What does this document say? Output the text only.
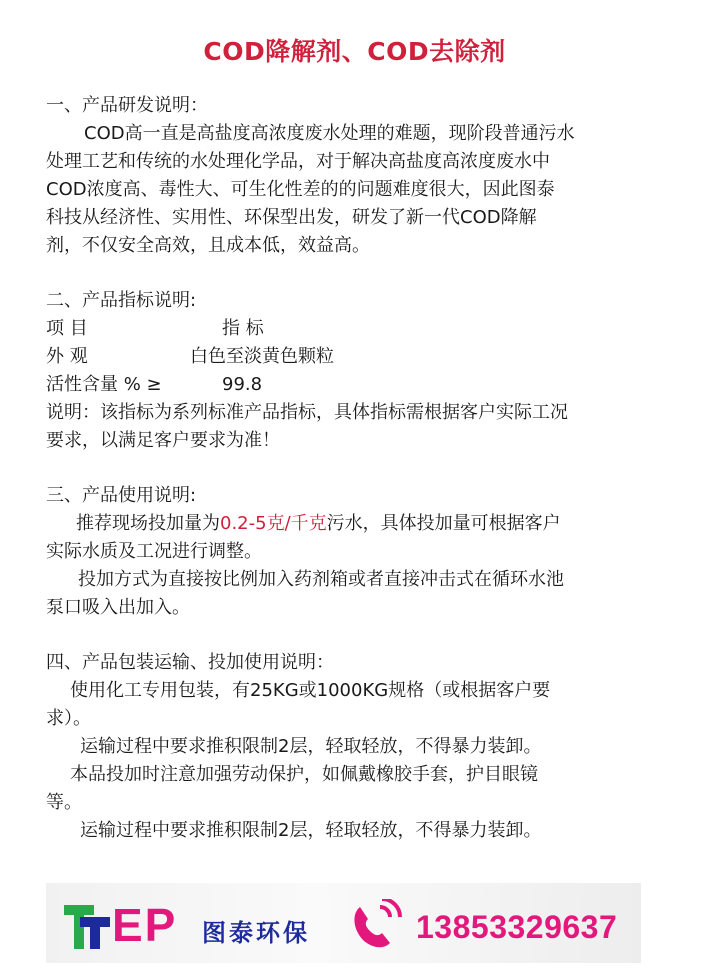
COD降解剂、COD去除剂
一、产品研发说明：
COD高一直是高盐度高浓度废水处理的难题，现阶段普通污水
处理工艺和传统的水处理化学品，对于解决高盐度高浓度废水中
COD浓度高、毒性大、可生化性差的的问题难度很大，因此图泰
科技从经济性、实用性、环保型出发，研发了新一代COD降解
剂，不仅安全高效，且成本低，效益高。
二、产品指标说明:
项 目	指 标
外 观	白色至淡黄色颗粒
活性含量 % ≥	99.8
说明：该指标为系列标准产品指标，具体指标需根据客户实际工况
要求，以满足客户要求为准！
三、产品使用说明:
推荐现场投加量为0.2-5克/千克污水，具体投加量可根据客户
实际水质及工况进行调整。
投加方式为直接按比例加入药剂箱或者直接冲击式在循环水池
泵口吸入出加入。
四、产品包装运输、投加使用说明：
使用化工专用包装，有25KG或1000KG规格（或根据客户要
求）。
运输过程中要求推积限制2层，轻取轻放，不得暴力装卸。
本品投加时注意加强劳动保护，如佩戴橡胶手套，护目眼镜
等。
运输过程中要求推积限制2层，轻取轻放，不得暴力装卸。
EP 图泰环保	13853329637
